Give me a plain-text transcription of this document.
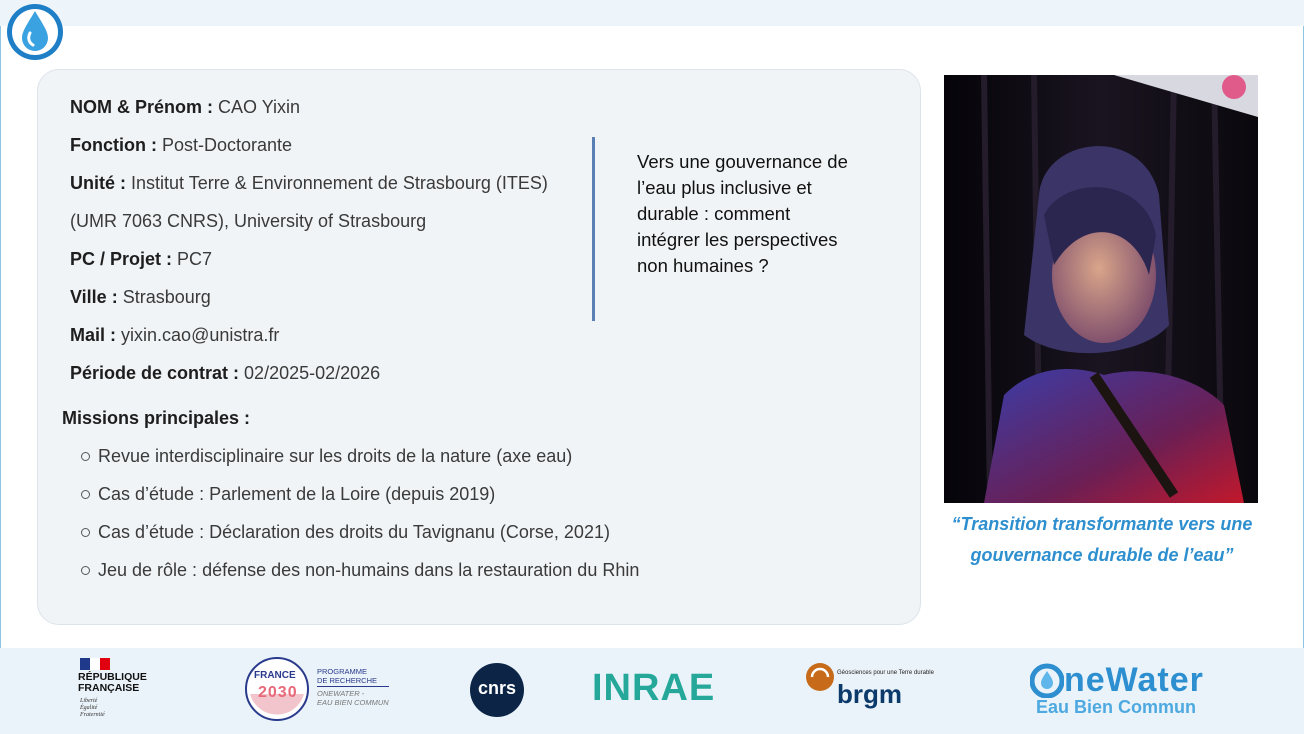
NOM & Prénom : CAO Yixin
Fonction : Post-Doctorante
Unité : Institut Terre & Environnement de Strasbourg (ITES)
(UMR 7063 CNRS), University of Strasbourg
PC / Projet : PC7
Ville : Strasbourg
Mail : yixin.cao@unistra.fr
Période de contrat : 02/2025-02/2026
Vers une gouvernance de
l’eau plus inclusive et
durable : comment
intégrer les perspectives
non humaines ?
Missions principales :
Revue interdisciplinaire sur les droits de la nature (axe eau)
Cas d’étude : Parlement de la Loire (depuis 2019)
Cas d’étude : Déclaration des droits du Tavignanu (Corse, 2021)
Jeu de rôle : défense des non-humains dans la restauration du Rhin
“Transition transformante vers une
gouvernance durable de l’eau”
RÉPUBLIQUE
FRANÇAISE
Liberté
Égalité
Fraternité
FRANCE
2030
PROGRAMME
DE RECHERCHE
ONEWATER -
EAU BIEN COMMUN
cnrs INRAE	Géosciences pour une Terre durable
brgm	neWater
Eau Bien Commun
